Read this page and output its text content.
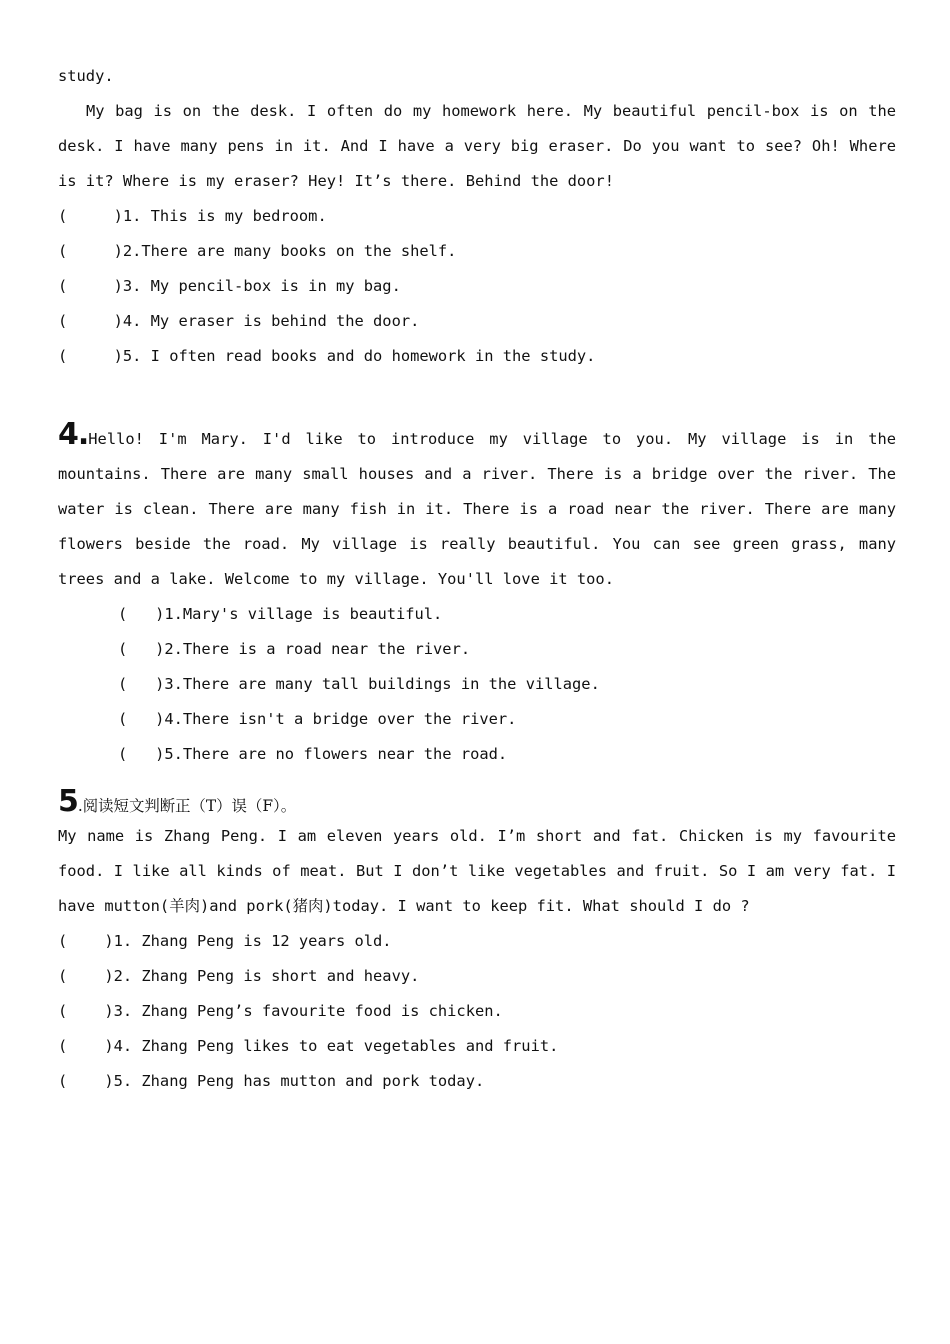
study.

My bag is on the desk. I often do my homework here. My beautiful pencil-box is on the desk. I have many pens in it. And I have a very big eraser. Do you want to see? Oh! Where is it? Where is my eraser? Hey! It’s there. Behind the door!

(     )1. This is my bedroom.

(     )2.There are many books on the shelf.

(     )3. My pencil-box is in my bag.

(     )4. My eraser is behind the door.

(     )5. I often read books and do homework in the study.

4.Hello! I'm Mary. I'd like to introduce my village to you. My village is in the mountains. There are many small houses and a river. There is a bridge over the river. The water is clean. There are many fish in it. There is a road near the river. There are many flowers beside the road. My village is really beautiful. You can see green grass, many trees and a lake. Welcome to my village. You'll love it too.

(   )1.Mary's village is beautiful.

(   )2.There is a road near the river.

(   )3.There are many tall buildings in the village.

(   )4.There isn't a bridge over the river.

(   )5.There are no flowers near the road.

5.阅读短文判断正（T）误（F）。

My name is Zhang Peng. I am eleven years old. I’m short and fat. Chicken is my favourite food. I like all kinds of meat. But I don’t like vegetables and fruit. So I am very fat. I have mutton(羊肉)and pork(猪肉)today. I want to keep fit. What should I do ?

(    )1. Zhang Peng is 12 years old.

(    )2. Zhang Peng is short and heavy.

(    )3. Zhang Peng’s favourite food is chicken.

(    )4. Zhang Peng likes to eat vegetables and fruit.

(    )5. Zhang Peng has mutton and pork today.
